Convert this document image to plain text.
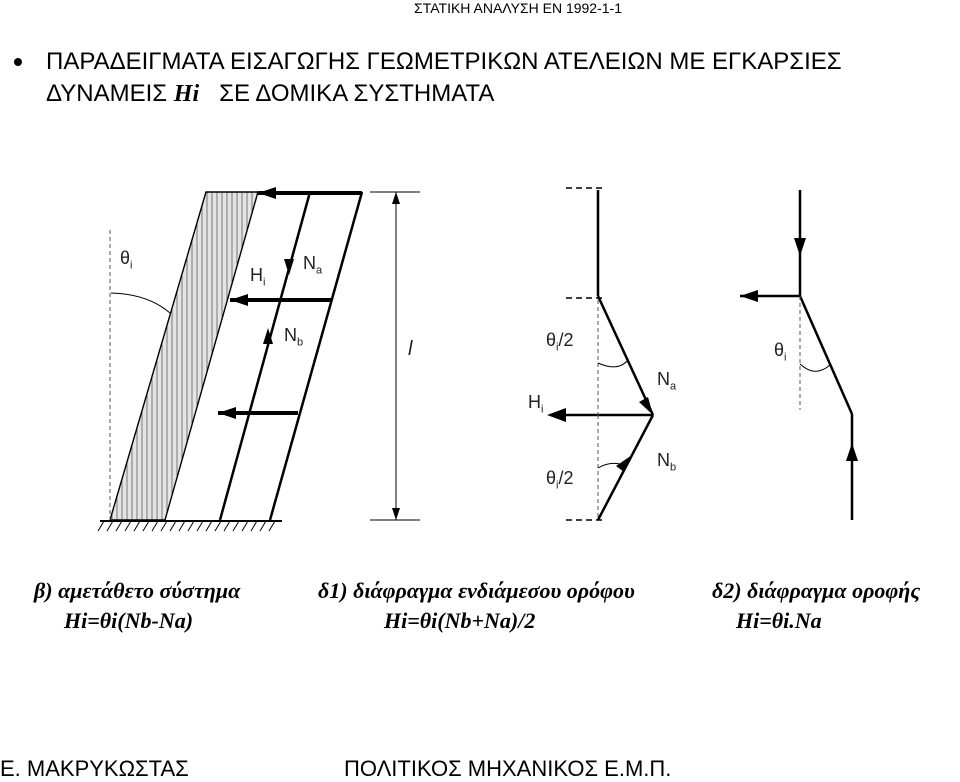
ΣΤΑΤΙΚΗ ΑΝΑΛΥΣΗ ΕΝ 1992-1-1
ΠΑΡΑΔΕΙΓΜΑΤΑ ΕΙΣΑΓΩΓΗΣ ΓΕΩΜΕΤΡΙΚΩΝ ΑΤΕΛΕΙΩΝ ΜΕ ΕΓΚΑΡΣΙΕΣ
ΔΥΝΑΜΕΙΣ Hi ΣΕ ΔΟΜΙΚΑ ΣΥΣΤΗΜΑΤΑ
$\theta_i$	$H_i$
$N_a$
$N_b$	l	$\theta_i/2$
$N_a$
$H_i$
$N_b$
$\theta_i/2$
$\theta_i$
β) αμετάθετο σύστημα
Hi=θi(Nb-Na)
δ1) διάφραγμα ενδιάμεσου ορόφου
Hi=θi(Nb+Na)/2
δ2) διάφραγμα οροφής
Hi=θi.Na
Ε. ΜΑΚΡΥΚΩΣΤΑΣ	ΠΟΛΙΤΙΚΟΣ ΜΗΧΑΝΙΚΟΣ Ε.Μ.Π.
